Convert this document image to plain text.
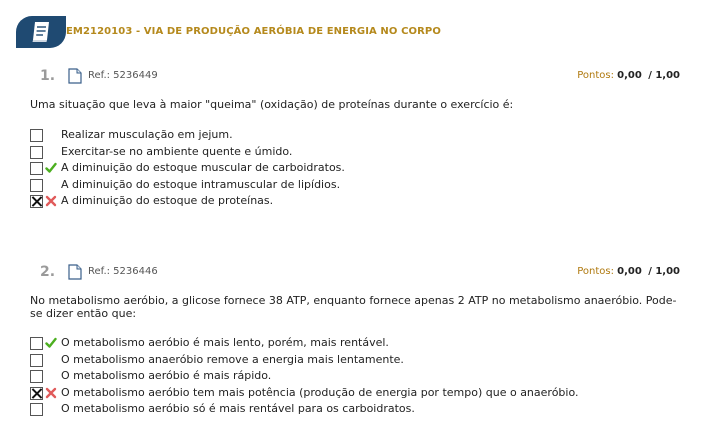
EM2120103 - VIA DE PRODUÇÃO AERÓBIA DE ENERGIA NO CORPO
1.	Ref.: 5236449	Pontos: 0,00 / 1,00
Uma situação que leva à maior "queima" (oxidação) de proteínas durante o exercício é:
Realizar musculação em jejum.
Exercitar-se no ambiente quente e úmido.
A diminuição do estoque muscular de carboidratos.
A diminuição do estoque intramuscular de lipídios.
A diminuição do estoque de proteínas.
2.	Ref.: 5236446	Pontos: 0,00 / 1,00
No metabolismo aeróbio, a glicose fornece 38 ATP, enquanto fornece apenas 2 ATP no metabolismo anaeróbio. Pode-se dizer então que:
O metabolismo aeróbio é mais lento, porém, mais rentável.
O metabolismo anaeróbio remove a energia mais lentamente.
O metabolismo aeróbio é mais rápido.
O metabolismo aeróbio tem mais potência (produção de energia por tempo) que o anaeróbio.
O metabolismo aeróbio só é mais rentável para os carboidratos.
